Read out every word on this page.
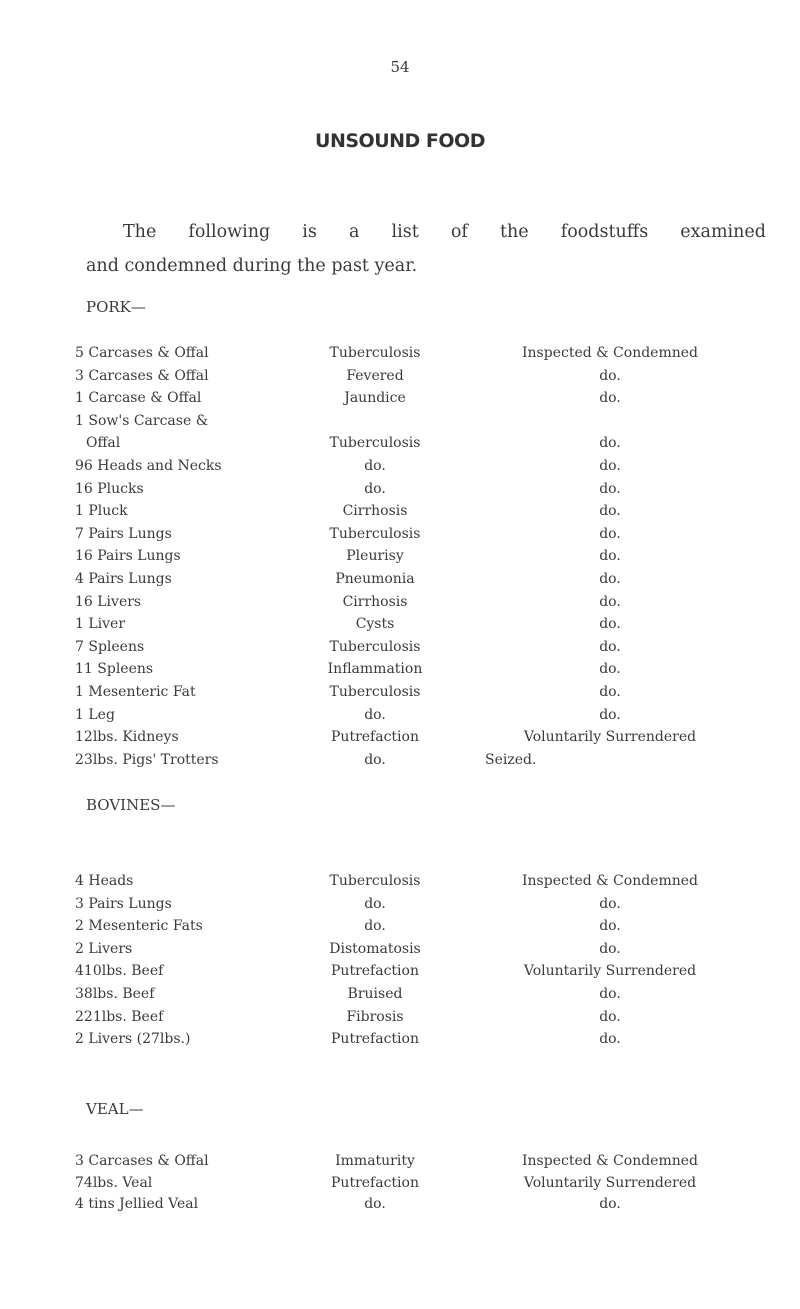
54
UNSOUND FOOD

The following is a list of the foodstuffs examined
and condemned during the past year.

PORK—
5 Carcases & Offal	Tuberculosis	Inspected & Condemned
3 Carcases & Offal	Fevered	do.
1 Carcase & Offal	Jaundice	do.
1 Sow's Carcase &
Offal	Tuberculosis	do.
96 Heads and Necks	do.	do.
16 Plucks	do.	do.
1 Pluck	Cirrhosis	do.
7 Pairs Lungs	Tuberculosis	do.
16 Pairs Lungs	Pleurisy	do.
4 Pairs Lungs	Pneumonia	do.
16 Livers	Cirrhosis	do.
1 Liver	Cysts	do.
7 Spleens	Tuberculosis	do.
11 Spleens	Inflammation	do.
1 Mesenteric Fat	Tuberculosis	do.
1 Leg	do.	do.
12lbs. Kidneys	Putrefaction	Voluntarily Surrendered
23lbs. Pigs' Trotters	do.	Seized.
BOVINES—
4 Heads	Tuberculosis	Inspected & Condemned
3 Pairs Lungs	do.	do.
2 Mesenteric Fats	do.	do.
2 Livers	Distomatosis	do.
410lbs. Beef	Putrefaction	Voluntarily Surrendered
38lbs. Beef	Bruised	do.
221lbs. Beef	Fibrosis	do.
2 Livers (27lbs.)	Putrefaction	do.
VEAL—
3 Carcases & Offal	Immaturity	Inspected & Condemned
74lbs. Veal	Putrefaction	Voluntarily Surrendered
4 tins Jellied Veal	do.	do.
